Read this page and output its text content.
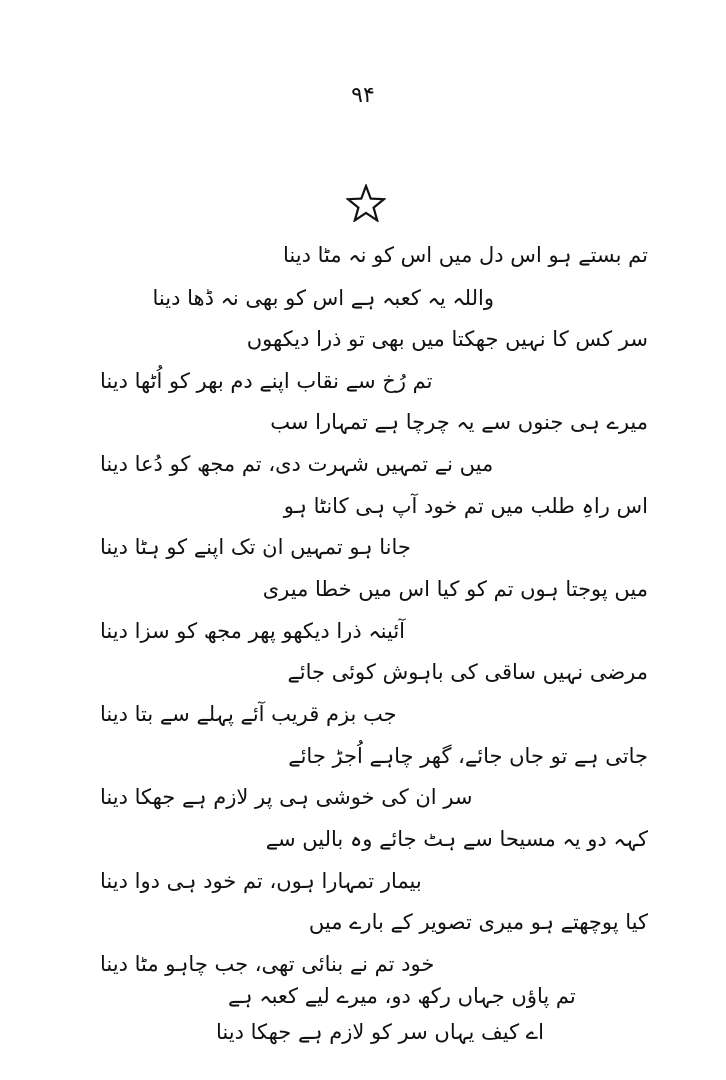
۹۴
تم بستے ہو اس دل میں اس کو نہ مٹا دینا
واللہ یہ کعبہ ہے اس کو بھی نہ ڈھا دینا
سر کس کا نہیں جھکتا میں بھی تو ذرا دیکھوں
تم رُخ سے نقاب اپنے دم بھر کو اُٹھا دینا
میرے ہی جنوں سے یہ چرچا ہے تمہارا سب
میں نے تمہیں شہرت دی، تم مجھ کو دُعا دینا
اس راہِ طلب میں تم خود آپ ہی کانٹا ہو
جانا ہو تمہیں ان تک اپنے کو ہٹا دینا
میں پوجتا ہوں تم کو کیا اس میں خطا میری
آئینہ ذرا دیکھو پھر مجھ کو سزا دینا
مرضی نہیں ساقی کی باہوش کوئی جائے
جب بزم قریب آئے پہلے سے بتا دینا
جاتی ہے تو جاں جائے، گھر چاہے اُجڑ جائے
سر ان کی خوشی ہی پر لازم ہے جھکا دینا
کہہ دو یہ مسیحا سے ہٹ جائے وہ بالیں سے
بیمار تمہارا ہوں، تم خود ہی دوا دینا
کیا پوچھتے ہو میری تصویر کے بارے میں
خود تم نے بنائی تھی، جب چاہو مٹا دینا
تم پاؤں جہاں رکھ دو، میرے لیے کعبہ ہے
اے کیف یہاں سر کو لازم ہے جھکا دینا
